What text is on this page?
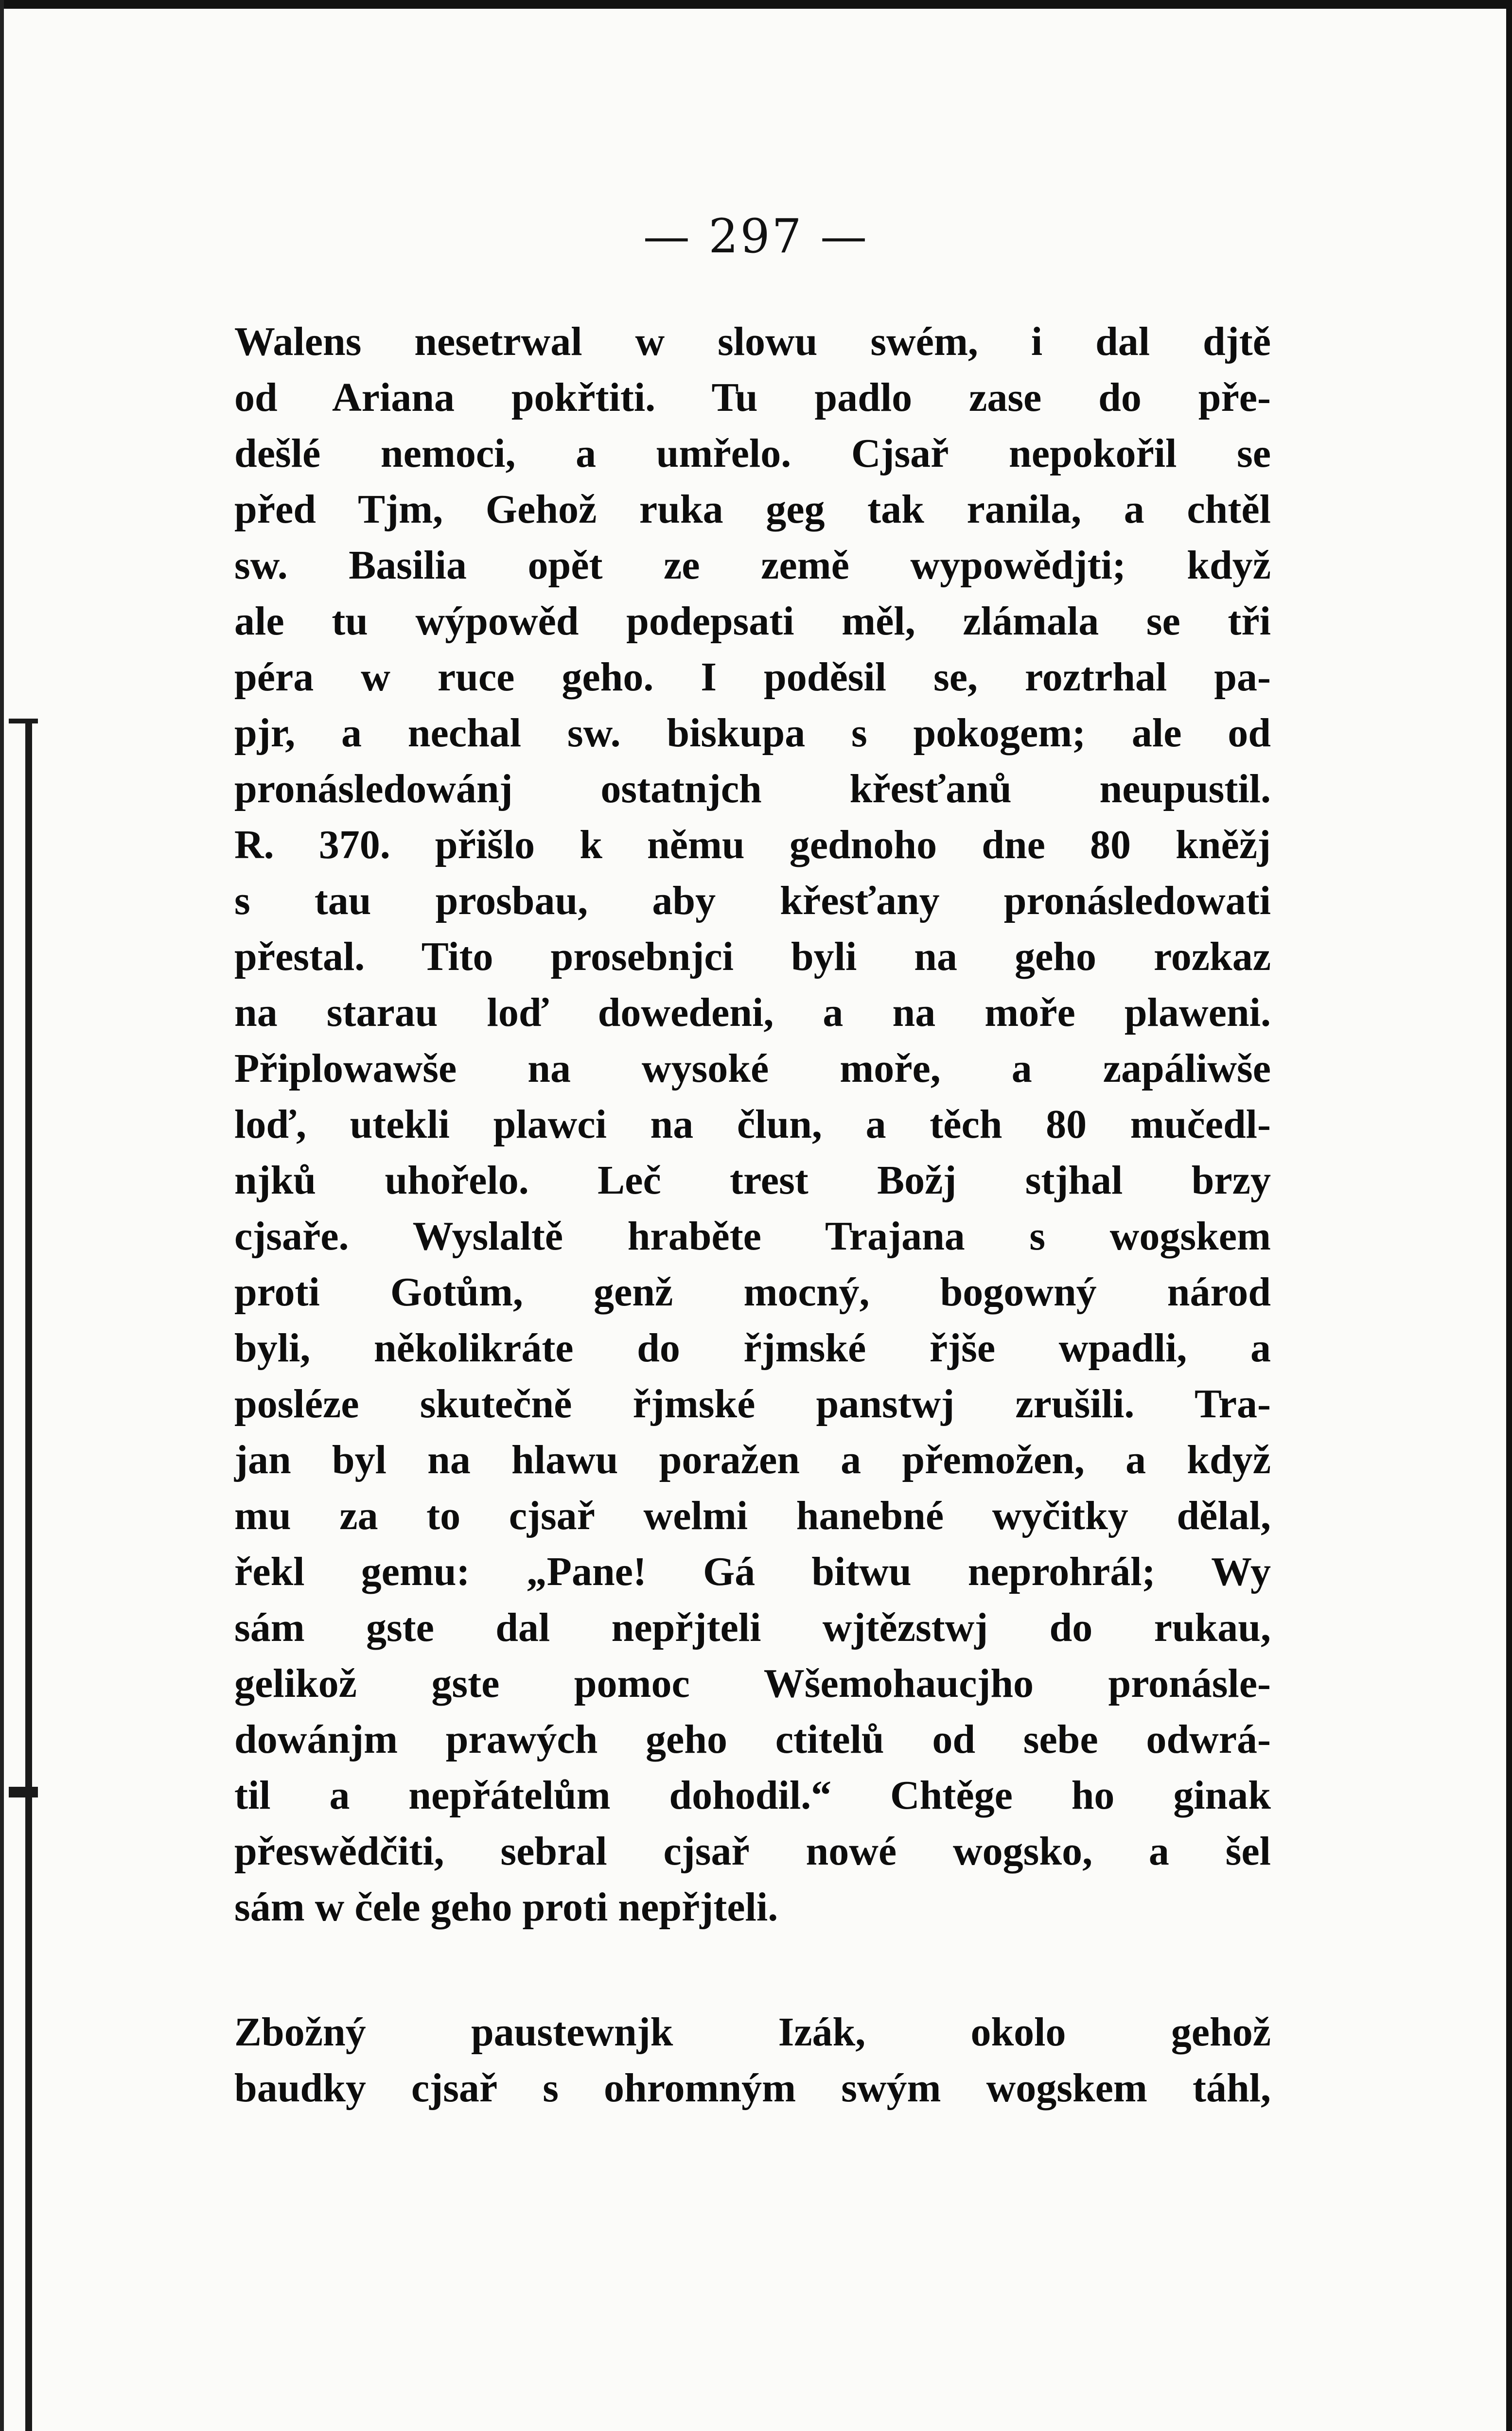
— 297 —
Walens nesetrwal w slowu swém, i dal djtě
od Ariana pokřtiti. Tu padlo zase do pře-
dešlé nemoci, a umřelo. Cjsař nepokořil se
před Tjm, Gehož ruka geg tak ranila, a chtěl
sw. Basilia opět ze země wypowědjti; když
ale tu wýpowěd podepsati měl, zlámala se tři
péra w ruce geho. I poděsil se, roztrhal pa-
pjr, a nechal sw. biskupa s pokogem; ale od
pronásledowánj ostatnjch křesťanů neupustil.
R. 370. přišlo k němu gednoho dne 80 kněžj
s tau prosbau, aby křesťany pronásledowati
přestal. Tito prosebnjci byli na geho rozkaz
na starau loď dowedeni, a na moře plaweni.
Připlowawše na wysoké moře, a zapáliwše
loď, utekli plawci na člun, a těch 80 mučedl-
njků uhořelo. Leč trest Božj stjhal brzy
cjsaře. Wyslaltě hraběte Trajana s wogskem
proti Gotům, genž mocný, bogowný národ
byli, několikráte do řjmské řjše wpadli, a
posléze skutečně řjmské panstwj zrušili. Tra-
jan byl na hlawu poražen a přemožen, a když
mu za to cjsař welmi hanebné wyčitky dělal,
řekl gemu: „Pane! Gá bitwu neprohrál; Wy
sám gste dal nepřjteli wjtězstwj do rukau,
gelikož gste pomoc Wšemohaucjho pronásle-
dowánjm prawých geho ctitelů od sebe odwrá-
til a nepřátelům dohodil.“ Chtěge ho ginak
přeswědčiti, sebral cjsař nowé wogsko, a šel
sám w čele geho proti nepřjteli.
Zbožný paustewnjk Izák, okolo gehož
baudky cjsař s ohromným swým wogskem táhl,
